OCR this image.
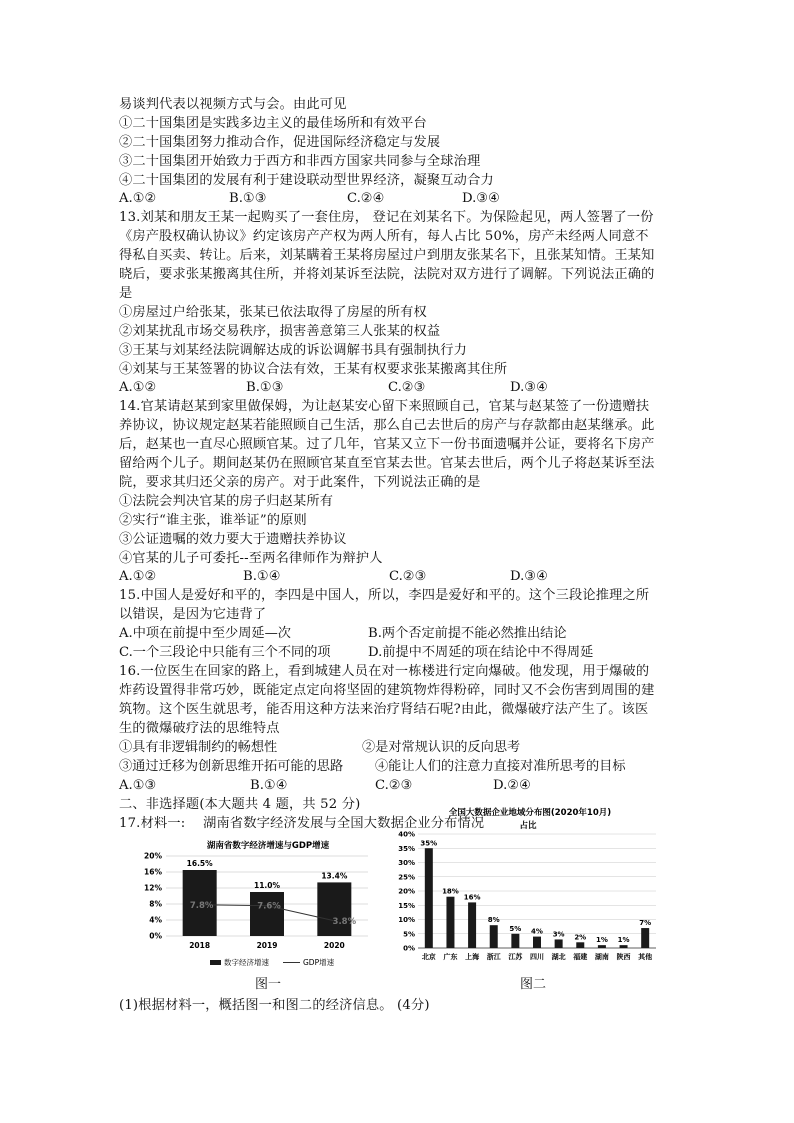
易谈判代表以视频方式与会。由此可见
①二十国集团是实践多边主义的最佳场所和有效平台
②二十国集团努力推动合作，促进国际经济稳定与发展
③二十国集团开始致力于西方和非西方国家共同参与全球治理
④二十国集团的发展有利于建设联动型世界经济，凝聚互动合力
A.①②	B.①③	C.②④	D.③④
13.刘某和朋友王某一起购买了一套住房， 登记在刘某名下。为保险起见，两人签署了一份
《房产股权确认协议》约定该房产产权为两人所有，每人占比 50%，房产未经两人同意不
得私自买卖、转让。后来，刘某瞒着王某将房屋过户到朋友张某名下，且张某知情。王某知
晓后，要求张某搬离其住所，并将刘某诉至法院，法院对双方进行了调解。下列说法正确的
是
①房屋过户给张某，张某已依法取得了房屋的所有权
②刘某扰乱市场交易秩序，损害善意第三人张某的权益
③王某与刘某经法院调解达成的诉讼调解书具有强制执行力
④刘某与王某签署的协议合法有效，王某有权要求张某搬离其住所
A.①②	B.①③	C.②③	D.③④
14.官某请赵某到家里做保姆，为让赵某安心留下来照顾自己，官某与赵某签了一份遗赠扶
养协议，协议规定赵某若能照顾自己生活，那么自己去世后的房产与存款都由赵某继承。此
后，赵某也一直尽心照顾官某。过了几年，官某又立下一份书面遗嘱并公证，要将名下房产
留给两个儿子。期间赵某仍在照顾官某直至官某去世。官某去世后，两个儿子将赵某诉至法
院，要求其归还父亲的房产。对于此案件，下列说法正确的是
①法院会判决官某的房子归赵某所有
②实行“谁主张，谁举证”的原则
③公证遗嘱的效力要大于遗赠扶养协议
④官某的儿子可委托--至两名律师作为辩护人
A.①②	B.①④	C.②③	D.③④
15.中国人是爱好和平的，李四是中国人，所以，李四是爱好和平的。这个三段论推理之所
以错误，是因为它违背了
A.中项在前提中至少周延—次	B.两个否定前提不能必然推出结论
C.一个三段论中只能有三个不同的项	D.前提中不周延的项在结论中不得周延
16.一位医生在回家的路上，看到城建人员在对一栋楼进行定向爆破。他发现，用于爆破的
炸药设置得非常巧妙，既能定点定向将坚固的建筑物炸得粉碎，同时又不会伤害到周围的建
筑物。这个医生就思考，能否用这种方法来治疗肾结石呢?由此，微爆破疗法产生了。该医
生的微爆破疗法的思维特点
①具有非逻辑制约的畅想性	②是对常规认识的反向思考
③通过迁移为创新思维开拓可能的思路 ④能让人们的注意力直接对准所思考的目标
A.①③	B.①④	C.②③	D.②④
二、非选择题(本大题共 4 题，共 52 分)
17.材料一:　 湖南省数字经济发展与全国大数据企业分布情况
湖南省数字经济增速与GDP增速
0%
4%
8%
12%
16%
20%
2018	2019	2020
16.5%
11.0%
13.4%
7.8%	7.6%
3.8%
数字经济增速	GDP增速
图一
全国大数据企业地域分布图(2020年10月)
占比
0%
5%
10%
15%
20%
25%
30%
35%
40%
北京 广东 上海 浙江 江苏 四川 湖北 福建 湖南 陕西 其他
35%
18%
16%
8%
5% 4% 3% 2% 1% 1%
7%
图二
(1)根据材料一，概括图一和图二的经济信息。 (4分)
